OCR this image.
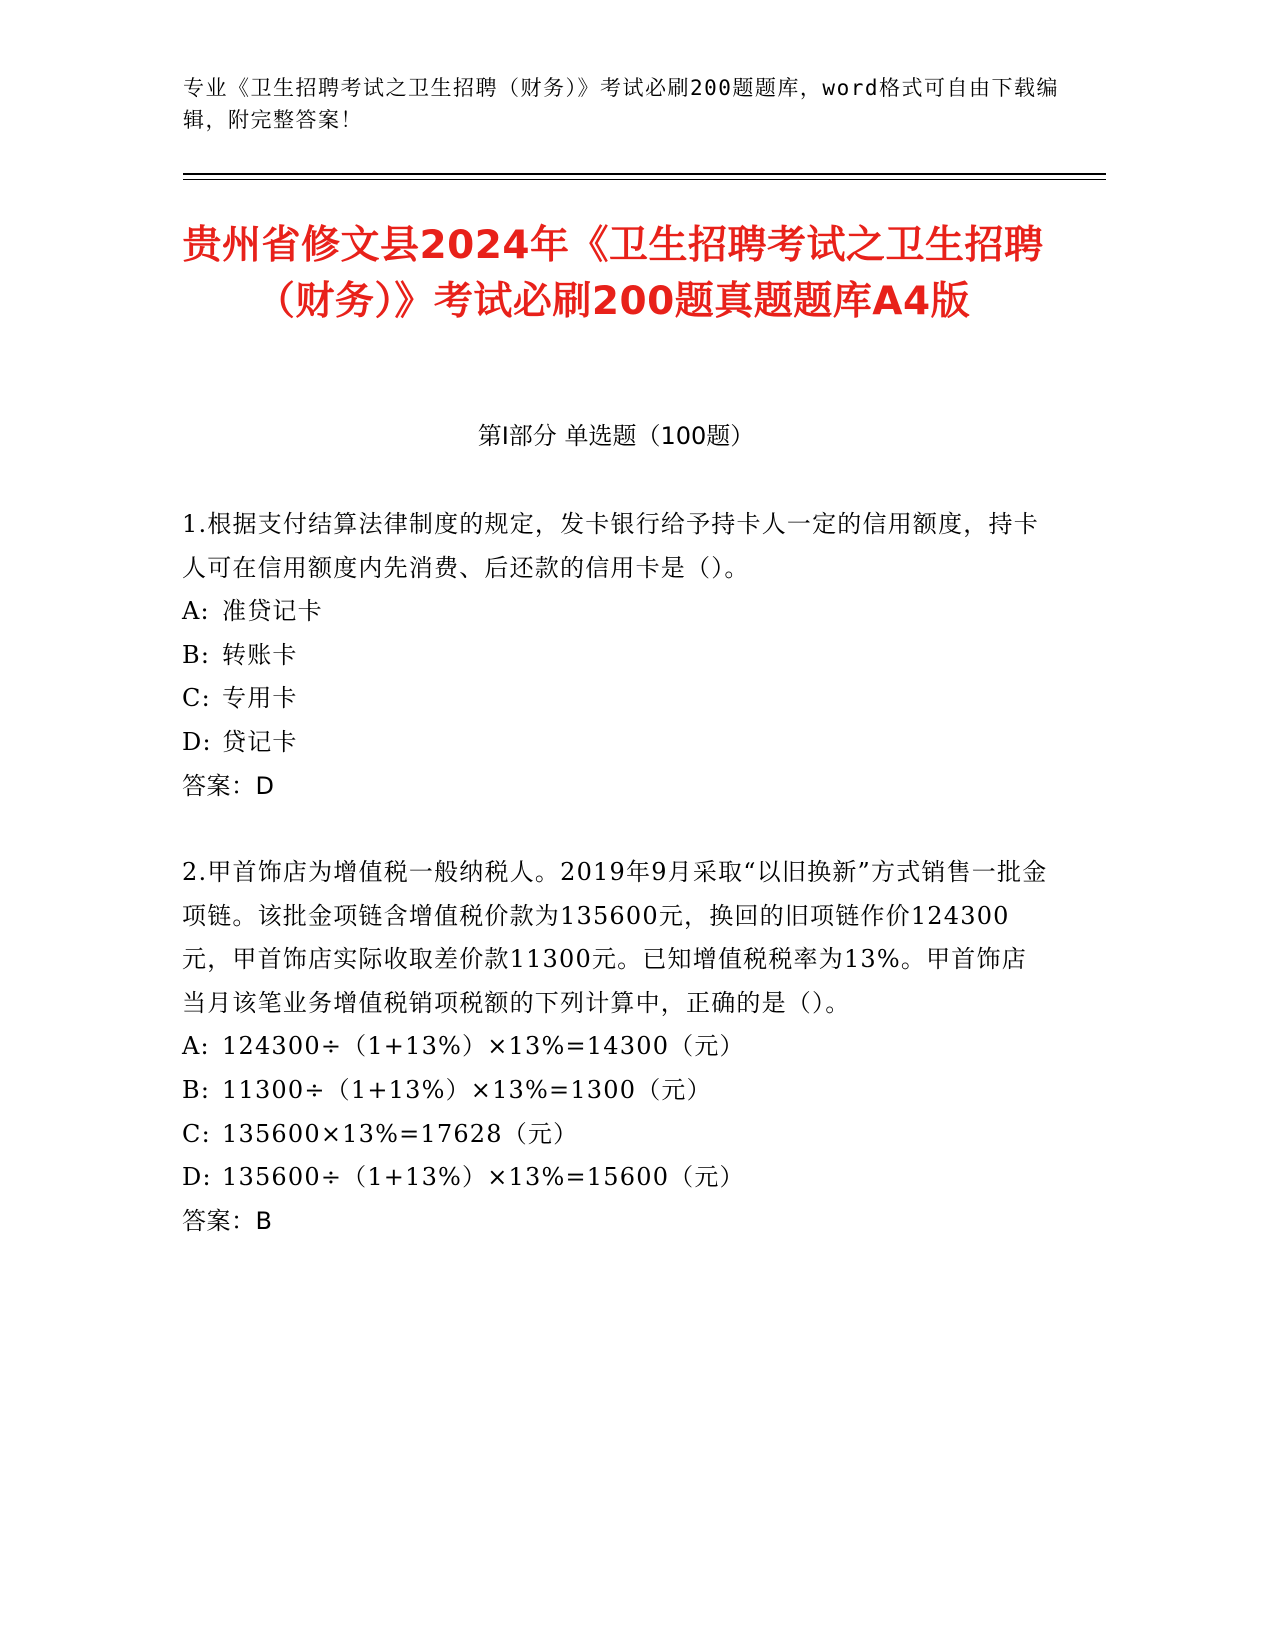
专业《卫生招聘考试之卫生招聘（财务）》考试必刷200题题库，word格式可自由下载编辑，附完整答案！
贵州省修文县2024年《卫生招聘考试之卫生招聘（财务）》考试必刷200题真题题库A4版
第Ⅰ部分 单选题（100题）
1.根据支付结算法律制度的规定，发卡银行给予持卡人一定的信用额度，持卡人可在信用额度内先消费、后还款的信用卡是（）。
A: 准贷记卡
B: 转账卡
C: 专用卡
D: 贷记卡
答案：D
2.甲首饰店为增值税一般纳税人。2019年9月采取“以旧换新”方式销售一批金项链。该批金项链含增值税价款为135600元，换回的旧项链作价124300元，甲首饰店实际收取差价款11300元。已知增值税税率为13%。甲首饰店当月该笔业务增值税销项税额的下列计算中，正确的是（）。
A: 124300÷（1+13%）×13%=14300（元）
B: 11300÷（1+13%）×13%=1300（元）
C: 135600×13%=17628（元）
D: 135600÷（1+13%）×13%=15600（元）
答案：B
